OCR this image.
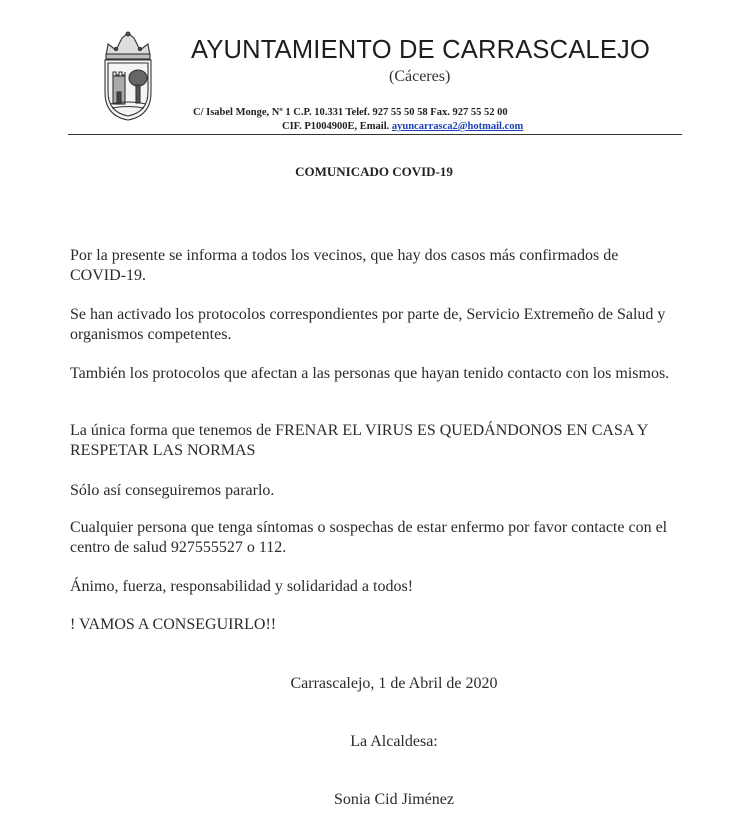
AYUNTAMIENTO DE CARRASCALEJO
(Cáceres)
C/ Isabel Monge, Nº 1 C.P. 10.331 Telef. 927 55 50 58 Fax. 927 55 52 00
CIF. P1004900E, Email. ayuncarrasca2@hotmail.com
COMUNICADO COVID-19
Por la presente se informa a todos los vecinos, que hay dos casos más confirmados de COVID-19.
Se han activado los protocolos correspondientes por parte de, Servicio Extremeño de Salud y organismos competentes.
También los protocolos que afectan a las personas que hayan tenido contacto con los mismos.
La única forma que tenemos de FRENAR EL VIRUS ES QUEDÁNDONOS EN CASA Y RESPETAR LAS NORMAS
Sólo así conseguiremos pararlo.
Cualquier persona que tenga síntomas o sospechas de estar enfermo por favor contacte con el centro de salud 927555527 o 112.
Ánimo, fuerza, responsabilidad y solidaridad a todos!
! VAMOS A CONSEGUIRLO!!
Carrascalejo, 1 de Abril de 2020
La Alcaldesa:
Sonia Cid Jiménez
